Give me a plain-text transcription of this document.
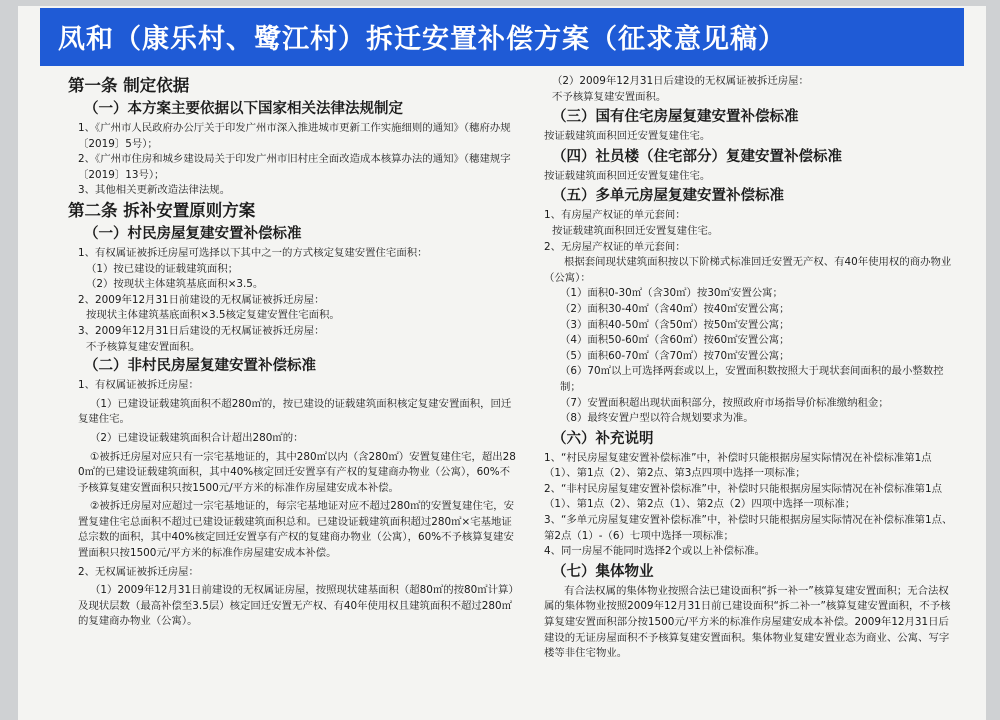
凤和（康乐村、鹭江村）拆迁安置补偿方案（征求意见稿）
第一条 制定依据
（一）本方案主要依据以下国家相关法律法规制定

1、《广州市人民政府办公厅关于印发广州市深入推进城市更新工作实施细则的通知》（穗府办规〔2019〕5号）；

2、《广州市住房和城乡建设局关于印发广州市旧村庄全面改造成本核算办法的通知》（穗建规字〔2019〕13号）；

3、其他相关更新改造法律法规。

第二条 拆补安置原则方案
（一）村民房屋复建安置补偿标准

1、有权属证被拆迁房屋可选择以下其中之一的方式核定复建安置住宅面积：

（1）按已建设的证载建筑面积；

（2）按现状主体建筑基底面积×3.5。

2、2009年12月31日前建设的无权属证被拆迁房屋：

按现状主体建筑基底面积×3.5核定复建安置住宅面积。

3、2009年12月31日后建设的无权属证被拆迁房屋：

不予核算复建安置面积。

（二）非村民房屋复建安置补偿标准

1、有权属证被拆迁房屋：

（1）已建设证载建筑面积不超280㎡的，按已建设的证载建筑面积核定复建安置面积，回迁复建住宅。

（2）已建设证载建筑面积合计超出280㎡的：

①被拆迁房屋对应只有一宗宅基地证的，其中280㎡以内（含280㎡）安置复建住宅，超出280㎡的已建设证载建筑面积，其中40%核定回迁安置享有产权的复建商办物业（公寓），60%不予核算复建安置面积只按1500元/平方米的标准作房屋建安成本补偿。

②被拆迁房屋对应超过一宗宅基地证的，每宗宅基地证对应不超过280㎡的安置复建住宅，安置复建住宅总面积不超过已建设证载建筑面积总和。已建设证载建筑面积超过280㎡×宅基地证总宗数的面积，其中40%核定回迁安置享有产权的复建商办物业（公寓），60%不予核算复建安置面积只按1500元/平方米的标准作房屋建安成本补偿。

2、无权属证被拆迁房屋：

（1）2009年12月31日前建设的无权属证房屋，按照现状建基面积（超80㎡的按80㎡计算）及现状层数（最高补偿至3.5层）核定回迁安置无产权、有40年使用权且建筑面积不超过280㎡的复建商办物业（公寓）。

（2）2009年12月31日后建设的无权属证被拆迁房屋：

不予核算复建安置面积。

（三）国有住宅房屋复建安置补偿标准

按证载建筑面积回迁安置复建住宅。

（四）社员楼（住宅部分）复建安置补偿标准

按证载建筑面积回迁安置复建住宅。

（五）多单元房屋复建安置补偿标准

1、有房屋产权证的单元套间：

按证载建筑面积回迁安置复建住宅。

2、无房屋产权证的单元套间：

根据套间现状建筑面积按以下阶梯式标准回迁安置无产权、有40年使用权的商办物业（公寓）：

（1）面积0-30㎡（含30㎡）按30㎡安置公寓；

（2）面积30-40㎡（含40㎡）按40㎡安置公寓；

（3）面积40-50㎡（含50㎡）按50㎡安置公寓；

（4）面积50-60㎡（含60㎡）按60㎡安置公寓；

（5）面积60-70㎡（含70㎡）按70㎡安置公寓；

（6）70㎡以上可选择两套或以上，安置面积数按照大于现状套间面积的最小整数控制；

（7）安置面积超出现状面积部分，按照政府市场指导价标准缴纳租金；

（8）最终安置户型以符合规划要求为准。

（六）补充说明

1、“村民房屋复建安置补偿标准”中，补偿时只能根据房屋实际情况在补偿标准第1点（1）、第1点（2）、第2点、第3点四项中选择一项标准；

2、“非村民房屋复建安置补偿标准”中，补偿时只能根据房屋实际情况在补偿标准第1点（1）、第1点（2）、第2点（1）、第2点（2）四项中选择一项标准；

3、“多单元房屋复建安置补偿标准”中，补偿时只能根据房屋实际情况在补偿标准第1点、第2点（1）-（6）七项中选择一项标准；

4、同一房屋不能同时选择2个或以上补偿标准。

（七）集体物业

有合法权属的集体物业按照合法已建设面积“拆一补一”核算复建安置面积；无合法权属的集体物业按照2009年12月31日前已建设面积“拆二补一”核算复建安置面积，不予核算复建安置面积部分按1500元/平方米的标准作房屋建安成本补偿。2009年12月31日后建设的无证房屋面积不予核算复建安置面积。集体物业复建安置业态为商业、公寓、写字楼等非住宅物业。
